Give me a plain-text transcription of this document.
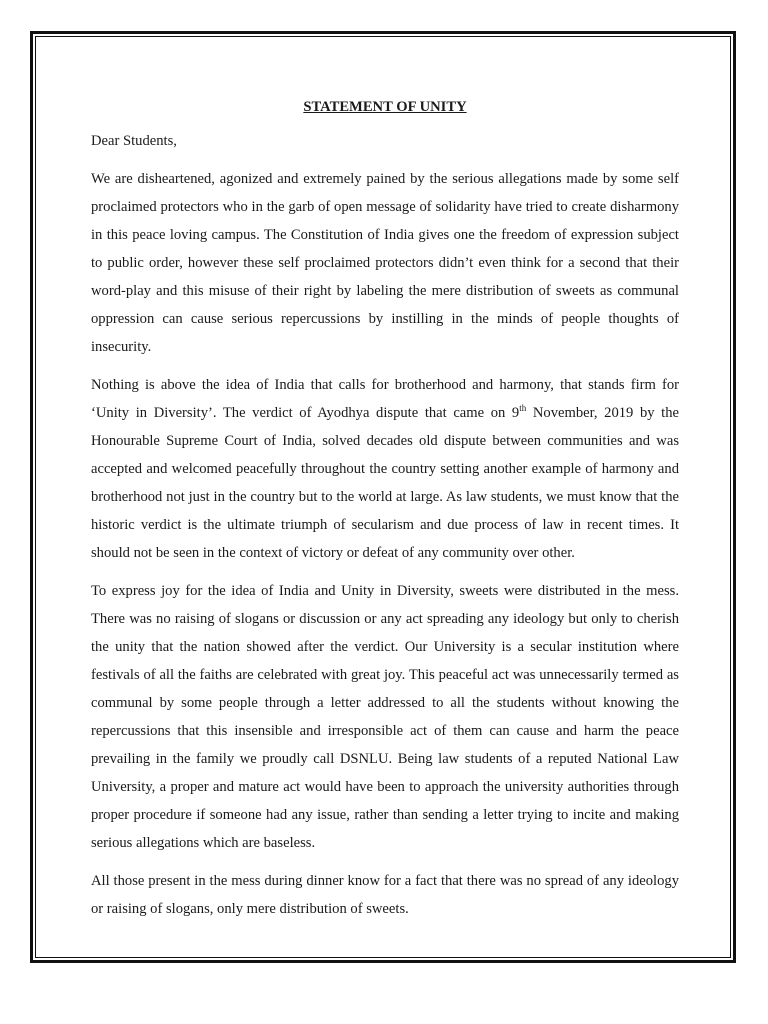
STATEMENT OF UNITY

Dear Students,

We are disheartened, agonized and extremely pained by the serious allegations made by some self proclaimed protectors who in the garb of open message of solidarity have tried to create disharmony in this peace loving campus. The Constitution of India gives one the freedom of expression subject to public order, however these self proclaimed protectors didn’t even think for a second that their word-play and this misuse of their right by labeling the mere distribution of sweets as communal oppression can cause serious repercussions by instilling in the minds of people thoughts of insecurity.

Nothing is above the idea of India that calls for brotherhood and harmony, that stands firm for ‘Unity in Diversity’. The verdict of Ayodhya dispute that came on 9th November, 2019 by the Honourable Supreme Court of India, solved decades old dispute between communities and was accepted and welcomed peacefully throughout the country setting another example of harmony and brotherhood not just in the country but to the world at large. As law students, we must know that the historic verdict is the ultimate triumph of secularism and due process of law in recent times. It should not be seen in the context of victory or defeat of any community over other.

To express joy for the idea of India and Unity in Diversity, sweets were distributed in the mess. There was no raising of slogans or discussion or any act spreading any ideology but only to cherish the unity that the nation showed after the verdict. Our University is a secular institution where festivals of all the faiths are celebrated with great joy. This peaceful act was unnecessarily termed as communal by some people through a letter addressed to all the students without knowing the repercussions that this insensible and irresponsible act of them can cause and harm the peace prevailing in the family we proudly call DSNLU. Being law students of a reputed National Law University, a proper and mature act would have been to approach the university authorities through proper procedure if someone had any issue, rather than sending a letter trying to incite and making serious allegations which are baseless.

All those present in the mess during dinner know for a fact that there was no spread of any ideology or raising of slogans, only mere distribution of sweets.
